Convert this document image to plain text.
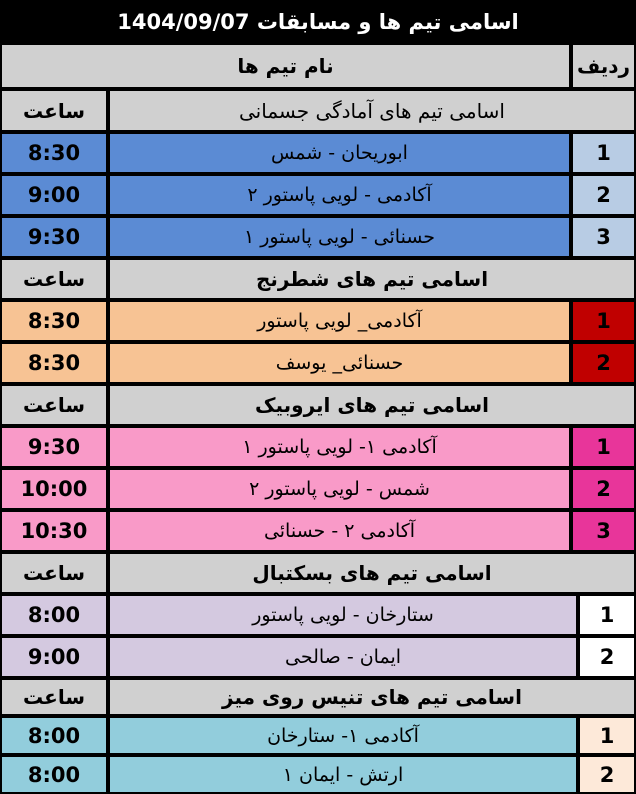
اسامی تیم ها و مسابقات 1404/09/07
نام تیم ها	ردیف
ساعت	اسامی تیم های آمادگی جسمانی
8:30	ابوریحان - شمس	1
9:00	آکادمی - لویی پاستور ۲	2
9:30	حسنائی - لویی پاستور ۱	3
ساعت	اسامی تیم های شطرنج
8:30	آکادمی_ لویی پاستور	1
8:30	حسنائی_ یوسف	2
ساعت	اسامی تیم های ایروبیک
9:30	آکادمی ۱- لویی پاستور ۱	1
10:00	شمس - لویی پاستور ۲	2
10:30	آکادمی ۲ - حسنائی	3
ساعت	اسامی تیم های بسکتبال
8:00	ستارخان - لویی پاستور	1
9:00	ایمان - صالحی	2
ساعت	اسامی تیم های تنیس روی میز
8:00	آکادمی ۱- ستارخان	1
8:00	ارتش - ایمان ۱	2
